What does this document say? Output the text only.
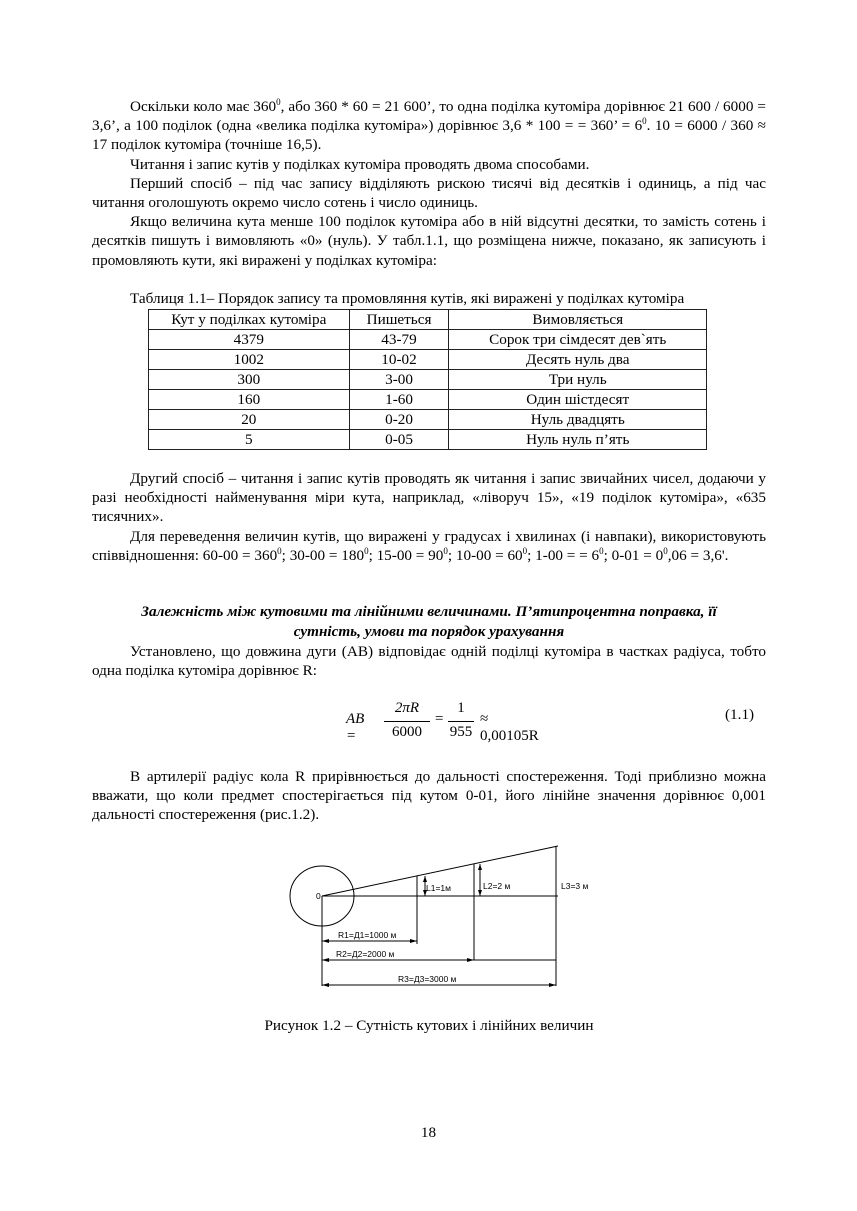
Оскільки коло має $360^0$, або 360 * 60 = 21 600’, то одна поділка кутоміра дорівнює 21 600 / 6000 = 3,6’, а 100 поділок (одна «велика поділка кутоміра») дорівнює 3,6 * 100 = = 360’ = $6^0$. 10 = 6000 / 360 ≈ 17 поділок кутоміра (точніше 16,5).

Читання і запис кутів у поділках кутоміра проводять двома способами.

Перший спосіб – під час запису відділяють рискою тисячі від десятків і одиниць, а під час читання оголошують окремо число сотень і число одиниць.

Якщо величина кута менше 100 поділок кутоміра або в ній відсутні десятки, то замість сотень і десятків пишуть і вимовляють «0» (нуль). У табл.1.1, що розміщена нижче, показано, як записують і промовляють кути, які виражені у поділках кутоміра:

Таблиця 1.1– Порядок запису та промовляння кутів, які виражені у поділках кутоміра
Кут у поділках кутоміра	Пишеться	Вимовляється
4379	43-79	Сорок три сімдесят дев`ять
1002	10-02	Десять нуль два
300	3-00	Три нуль
160	1-60	Один шістдесят
20	0-20	Нуль двадцять
5	0-05	Нуль нуль п’ять

Другий спосіб – читання і запис кутів проводять як читання і запис звичайних чисел, додаючи у разі необхідності найменування міри кута, наприклад, «ліворуч 15», «19 поділок кутоміра», «635 тисячних».

Для переведення величин кутів, що виражені у градусах і хвилинах (і навпаки), використовують співвідношення: $60-00 = 360^0$; $30-00 = 180^0$; $15-00 = 90^0$; $10-00 = 60^0$; 1-00 = = $6^0$; $0-01 = 0^0,06 = 3,6'$.

Залежність між кутовими та лінійними величинами. П’ятипроцентна поправка, її
сутність, умови та порядок урахування

Установлено, що довжина дуги (АВ) відповідає одній поділці кутоміра в частках радіуса, тобто одна поділка кутоміра дорівнює R:

AB =
2πR
6000
=
1
955
≈ 0,00105R
(1.1)

В артилерії радіус кола R прирівнюється до дальності спостереження. Тоді приблизно можна вважати, що коли предмет спостерігається під кутом 0-01, його лінійне значення дорівнює 0,001 дальності спостереження (рис.1.2).

0
L1=1м	L2=2 м	L3=3 м
R1=Д1=1000 м
R2=Д2=2000 м
R3=Д3=3000 м
Рисунок 1.2 – Сутність кутових і лінійних величин
18
